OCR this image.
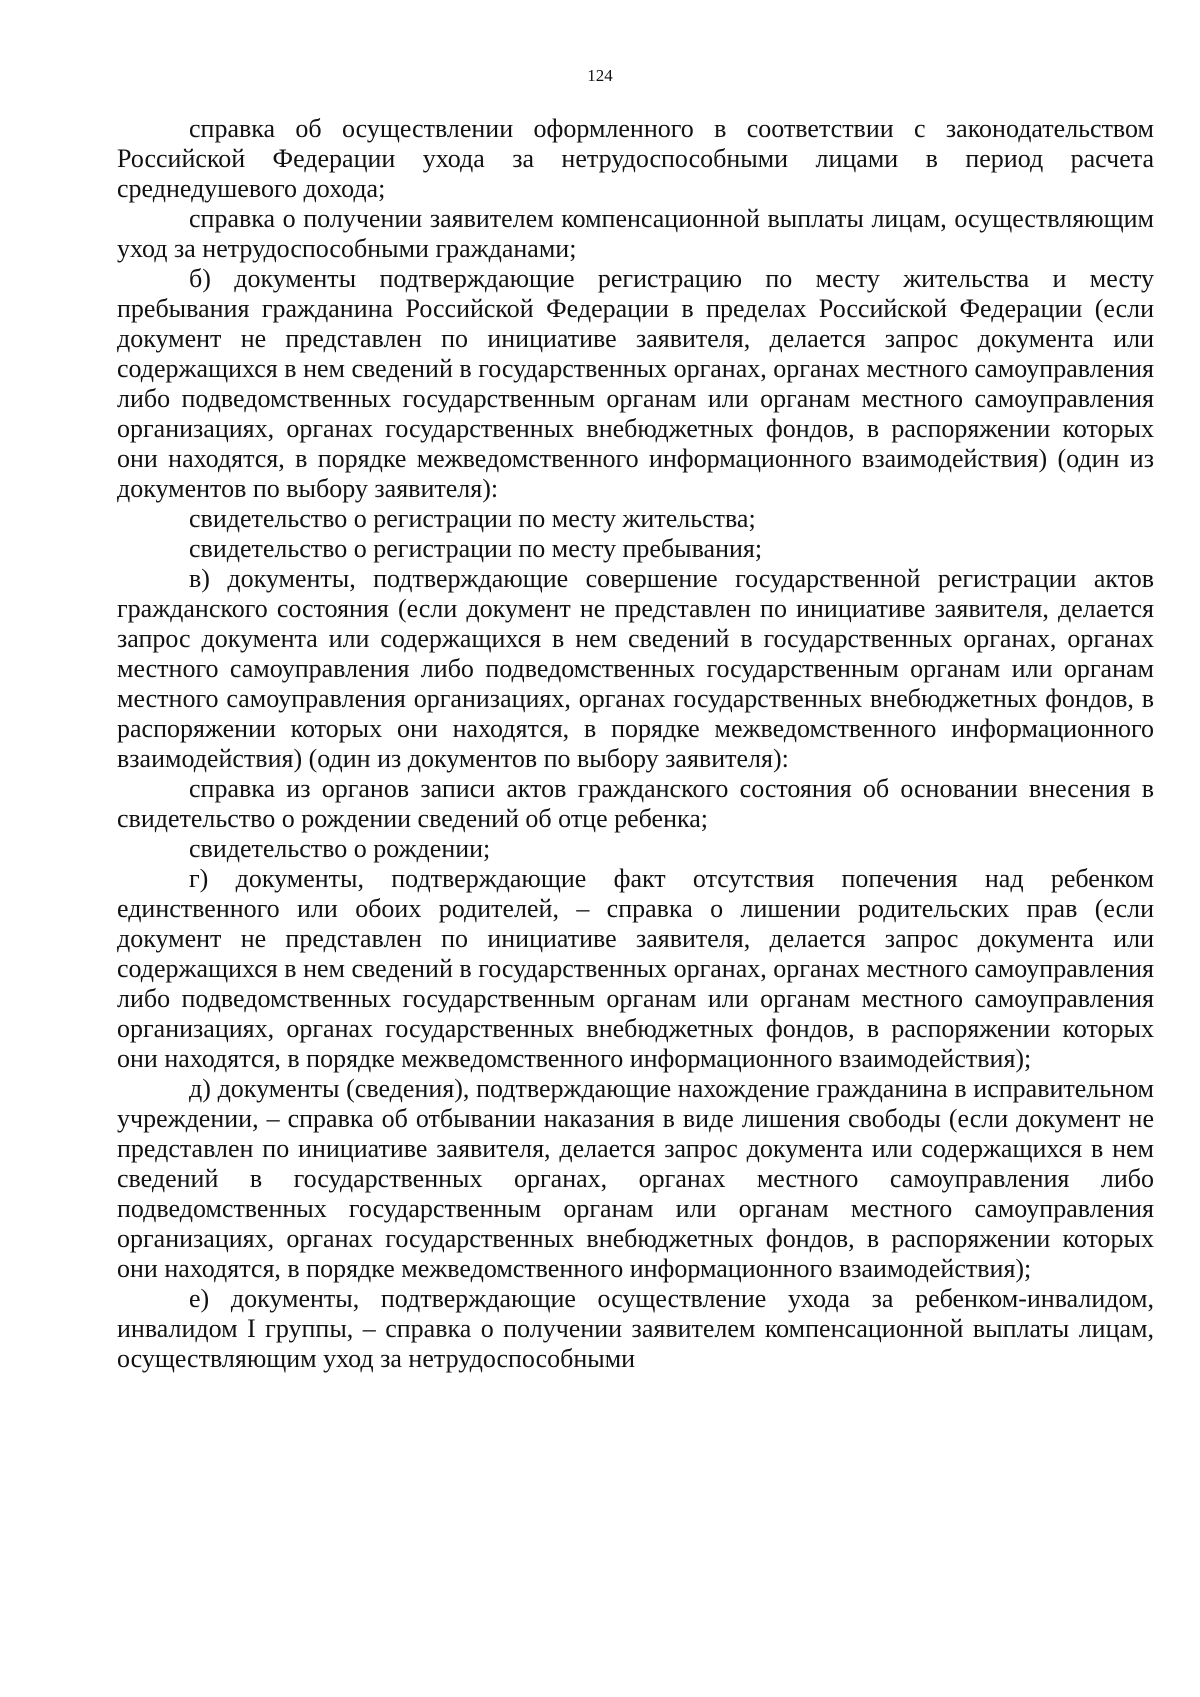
124

справка об осуществлении оформленного в соответствии с законодательством Российской Федерации ухода за нетрудоспособными лицами в период расчета среднедушевого дохода;

справка о получении заявителем компенсационной выплаты лицам, осуществляющим уход за нетрудоспособными гражданами;

б) документы подтверждающие регистрацию по месту жительства и месту пребывания гражданина Российской Федерации в пределах Российской Федерации (если документ не представлен по инициативе заявителя, делается запрос документа или содержащихся в нем сведений в государственных органах, органах местного самоуправления либо подведомственных государственным органам или органам местного самоуправления организациях, органах государственных внебюджетных фондов, в распоряжении которых они находятся, в порядке межведомственного информационного взаимодействия) (один из документов по выбору заявителя):

свидетельство о регистрации по месту жительства;

свидетельство о регистрации по месту пребывания;

в) документы, подтверждающие совершение государственной регистрации актов гражданского состояния (если документ не представлен по инициативе заявителя, делается запрос документа или содержащихся в нем сведений в государственных органах, органах местного самоуправления либо подведомственных государственным органам или органам местного самоуправления организациях, органах государственных внебюджетных фондов, в распоряжении которых они находятся, в порядке межведомственного информационного взаимодействия) (один из документов по выбору заявителя):

справка из органов записи актов гражданского состояния об основании внесения в свидетельство о рождении сведений об отце ребенка;

свидетельство о рождении;

г) документы, подтверждающие факт отсутствия попечения над ребенком единственного или обоих родителей, – справка о лишении родительских прав (если документ не представлен по инициативе заявителя, делается запрос документа или содержащихся в нем сведений в государственных органах, органах местного самоуправления либо подведомственных государственным органам или органам местного самоуправления организациях, органах государственных внебюджетных фондов, в распоряжении которых они находятся, в порядке межведомственного информационного взаимодействия);

д) документы (сведения), подтверждающие нахождение гражданина в исправительном учреждении, – справка об отбывании наказания в виде лишения свободы (если документ не представлен по инициативе заявителя, делается запрос документа или содержащихся в нем сведений в государственных органах, органах местного самоуправления либо подведомственных государственным органам или органам местного самоуправления организациях, органах государственных внебюджетных фондов, в распоряжении которых они находятся, в порядке межведомственного информационного взаимодействия);

е) документы, подтверждающие осуществление ухода за ребенком-инвалидом, инвалидом I группы, – справка о получении заявителем компенсационной выплаты лицам, осуществляющим уход за нетрудоспособными
